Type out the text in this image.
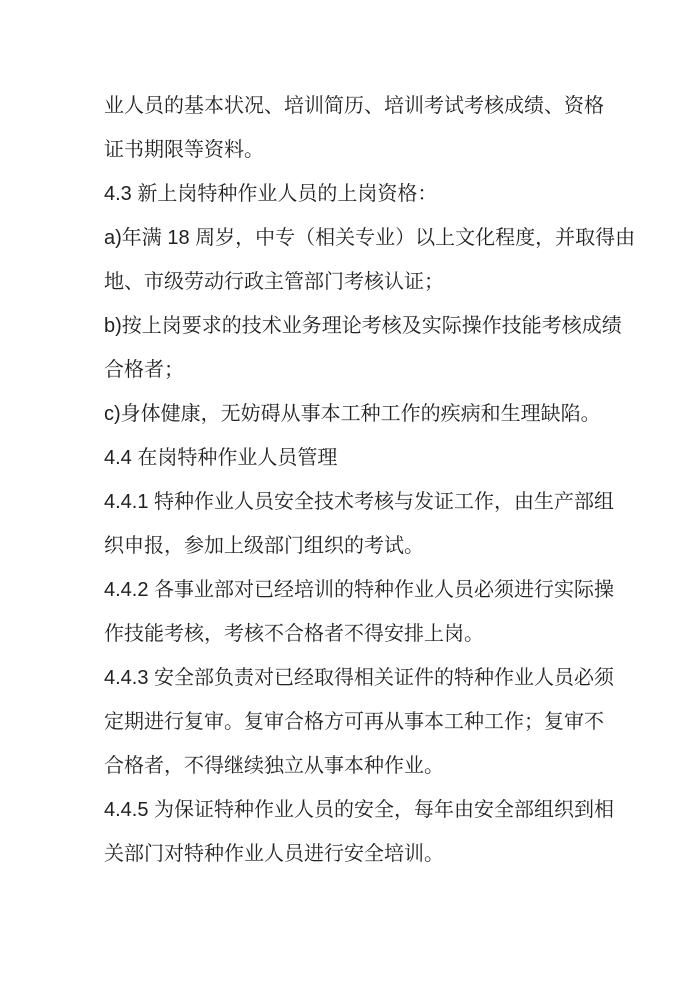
业人员的基本状况、培训简历、培训考试考核成绩、资格
证书期限等资料。
4.3 新上岗特种作业人员的上岗资格：
a)年满 18 周岁，中专（相关专业）以上文化程度，并取得由
地、市级劳动行政主管部门考核认证；
b)按上岗要求的技术业务理论考核及实际操作技能考核成绩
合格者；
c)身体健康，无妨碍从事本工种工作的疾病和生理缺陷。
4.4 在岗特种作业人员管理
4.4.1 特种作业人员安全技术考核与发证工作，由生产部组
织申报，参加上级部门组织的考试。
4.4.2 各事业部对已经培训的特种作业人员必须进行实际操
作技能考核，考核不合格者不得安排上岗。
4.4.3 安全部负责对已经取得相关证件的特种作业人员必须
定期进行复审。复审合格方可再从事本工种工作；复审不
合格者，不得继续独立从事本种作业。
4.4.5 为保证特种作业人员的安全，每年由安全部组织到相
关部门对特种作业人员进行安全培训。
